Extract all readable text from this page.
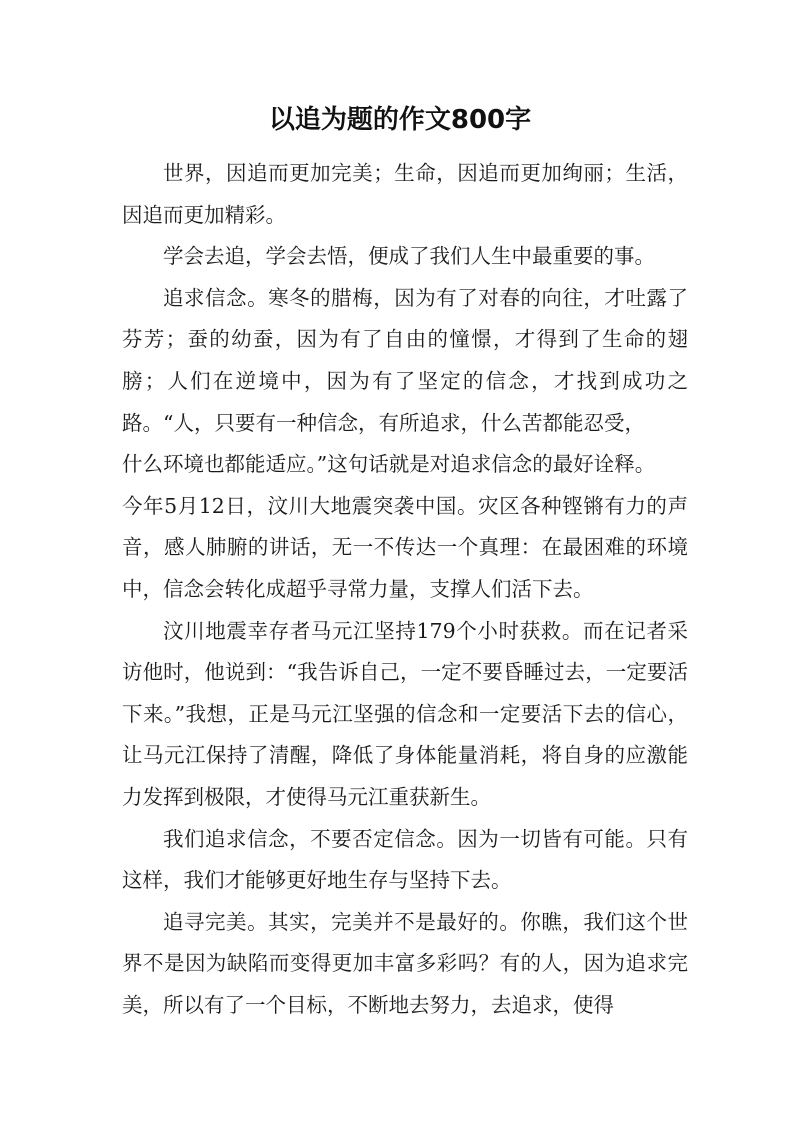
以追为题的作文800字

世界，因追而更加完美；生命，因追而更加绚丽；生活，因追而更加精彩。

学会去追，学会去悟，便成了我们人生中最重要的事。

追求信念。寒冬的腊梅，因为有了对春的向往，才吐露了芬芳；蚕的幼蚕，因为有了自由的憧憬，才得到了生命的翅膀；人们在逆境中，因为有了坚定的信念，才找到成功之路。“人，只要有一种信念，有所追求，什么苦都能忍受，

什么环境也都能适应。”这句话就是对追求信念的最好诠释。

今年5月12日，汶川大地震突袭中国。灾区各种铿锵有力的声音，感人肺腑的讲话，无一不传达一个真理：在最困难的环境中，信念会转化成超乎寻常力量，支撑人们活下去。

汶川地震幸存者马元江坚持179个小时获救。而在记者采访他时，他说到：“我告诉自己，一定不要昏睡过去，一定要活下来。”我想，正是马元江坚强的信念和一定要活下去的信心，让马元江保持了清醒，降低了身体能量消耗，将自身的应激能力发挥到极限，才使得马元江重获新生。

我们追求信念，不要否定信念。因为一切皆有可能。只有这样，我们才能够更好地生存与坚持下去。

追寻完美。其实，完美并不是最好的。你瞧，我们这个世界不是因为缺陷而变得更加丰富多彩吗？有的人，因为追求完美，所以有了一个目标，不断地去努力，去追求，使得
